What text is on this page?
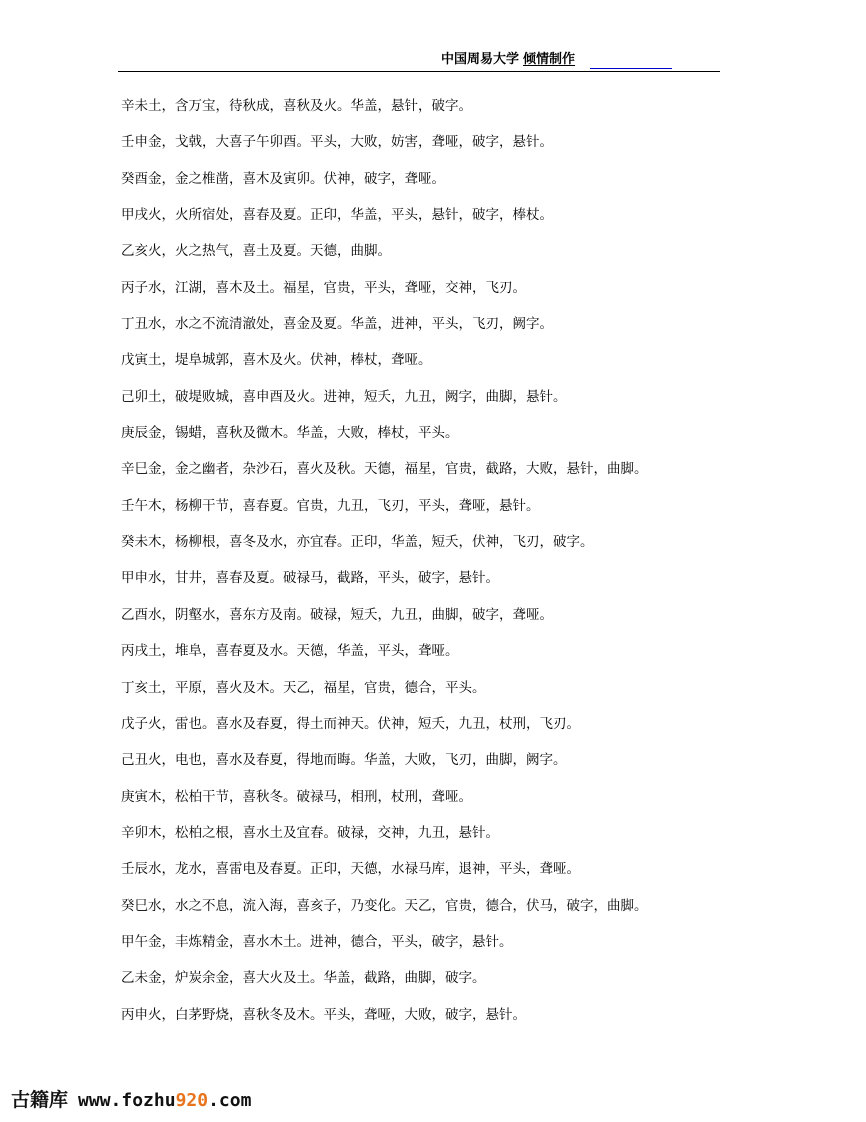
中国周易大学 倾情制作
辛未土，含万宝，待秋成，喜秋及火。华盖，悬针，破字。
壬申金，戈戟，大喜子午卯酉。平头，大败，妨害，聋哑，破字，悬针。
癸酉金，金之椎凿，喜木及寅卯。伏神，破字，聋哑。
甲戌火，火所宿处，喜春及夏。正印，华盖，平头，悬针，破字，棒杖。
乙亥火，火之热气，喜土及夏。天德，曲脚。
丙子水，江湖，喜木及土。福星，官贵，平头，聋哑，交神，飞刃。
丁丑水，水之不流清澈处，喜金及夏。华盖，进神，平头，飞刃，阙字。
戊寅土，堤阜城郭，喜木及火。伏神，棒杖，聋哑。
己卯土，破堤败城，喜申酉及火。进神，短夭，九丑，阙字，曲脚，悬针。
庚辰金，锡蜡，喜秋及微木。华盖，大败，棒杖，平头。
辛巳金，金之幽者，杂沙石，喜火及秋。天德，福星，官贵，截路，大败，悬针，曲脚。
壬午木，杨柳干节，喜春夏。官贵，九丑，飞刃，平头，聋哑，悬针。
癸未木，杨柳根，喜冬及水，亦宜春。正印，华盖，短夭，伏神，飞刃，破字。
甲申水，甘井，喜春及夏。破禄马，截路，平头，破字，悬针。
乙酉水，阴壑水，喜东方及南。破禄，短夭，九丑，曲脚，破字，聋哑。
丙戌土，堆阜，喜春夏及水。天德，华盖，平头，聋哑。
丁亥土，平原，喜火及木。天乙，福星，官贵，德合，平头。
戊子火，雷也。喜水及春夏，得土而神天。伏神，短夭，九丑，杖刑，飞刃。
己丑火，电也，喜水及春夏，得地而晦。华盖，大败，飞刃，曲脚，阙字。
庚寅木，松柏干节，喜秋冬。破禄马，相刑，杖刑，聋哑。
辛卯木，松柏之根，喜水土及宜春。破禄，交神，九丑，悬针。
壬辰水，龙水，喜雷电及春夏。正印，天德，水禄马库，退神，平头，聋哑。
癸巳水，水之不息，流入海，喜亥子，乃变化。天乙，官贵，德合，伏马，破字，曲脚。
甲午金，丰炼精金，喜水木土。进神，德合，平头，破字，悬针。
乙未金，炉炭余金，喜大火及土。华盖，截路，曲脚，破字。
丙申火，白茅野烧，喜秋冬及木。平头，聋哑，大败，破字，悬针。
古籍库 www.fozhu920.com
